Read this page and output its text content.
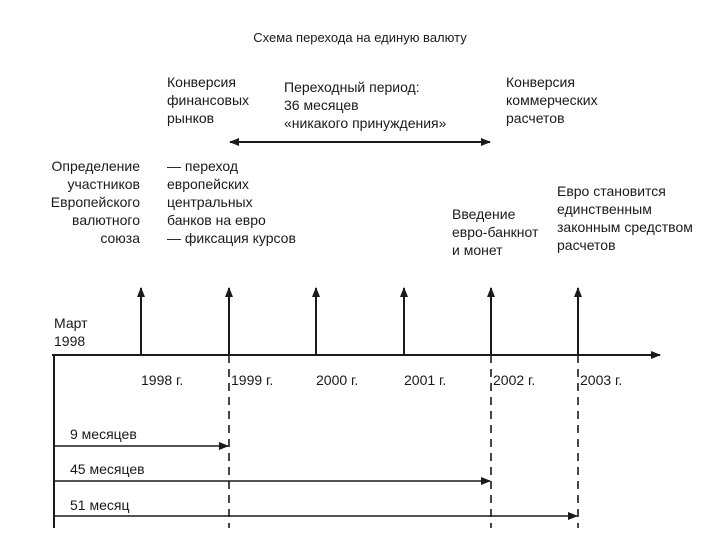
Схема перехода на единую валюту
Март
1998
Определение
участников
Европейского
валютного
союза
Конверсия
финансовых
рынков
Переходный период:
36 месяцев
«никакого принуждения»
Конверсия
коммерческих
расчетов
— переход
европейских
центральных
банков на евро
— фиксация курсов
Введение
евро-банкнот
и монет
Евро становится
единственным
законным средством
расчетов
1998 г.	1999 г.	2000 г.	2001 г.	2002 г.	2003 г.
9 месяцев
45 месяцев
51 месяц
